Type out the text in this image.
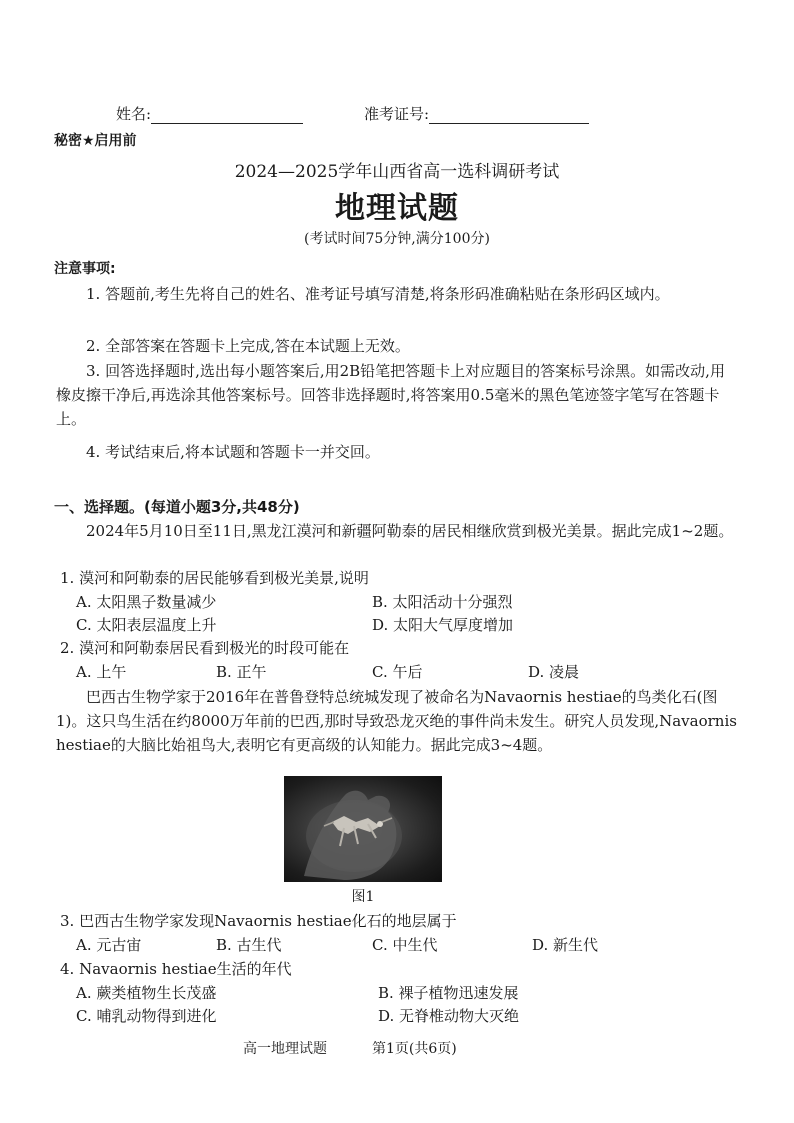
姓名:	准考证号:
秘密★启用前
2024—2025学年山西省高一选科调研考试
地理试题
(考试时间75分钟,满分100分)
注意事项:
1. 答题前,考生先将自己的姓名、准考证号填写清楚,将条形码准确粘贴在条形码区域内。
2. 全部答案在答题卡上完成,答在本试题上无效。
3. 回答选择题时,选出每小题答案后,用2B铅笔把答题卡上对应题目的答案标号涂黑。如需改动,用橡皮擦干净后,再选涂其他答案标号。回答非选择题时,将答案用0.5毫米的黑色笔迹签字笔写在答题卡上。
4. 考试结束后,将本试题和答题卡一并交回。
一、选择题。(每道小题3分,共48分)
2024年5月10日至11日,黑龙江漠河和新疆阿勒泰的居民相继欣赏到极光美景。据此完成1~2题。
1. 漠河和阿勒泰的居民能够看到极光美景,说明
A. 太阳黑子数量减少	B. 太阳活动十分强烈
C. 太阳表层温度上升	D. 太阳大气厚度增加
2. 漠河和阿勒泰居民看到极光的时段可能在
A. 上午	B. 正午	C. 午后	D. 凌晨
巴西古生物学家于2016年在普鲁登特总统城发现了被命名为Navaornis hestiae的鸟类化石(图1)。这只鸟生活在约8000万年前的巴西,那时导致恐龙灭绝的事件尚未发生。研究人员发现,Navaornis hestiae的大脑比始祖鸟大,表明它有更高级的认知能力。据此完成3~4题。
图1
3. 巴西古生物学家发现Navaornis hestiae化石的地层属于
A. 元古宙	B. 古生代	C. 中生代	D. 新生代
4. Navaornis hestiae生活的年代
A. 蕨类植物生长茂盛	B. 裸子植物迅速发展
C. 哺乳动物得到进化	D. 无脊椎动物大灭绝
高一地理试题	第1页(共6页)
